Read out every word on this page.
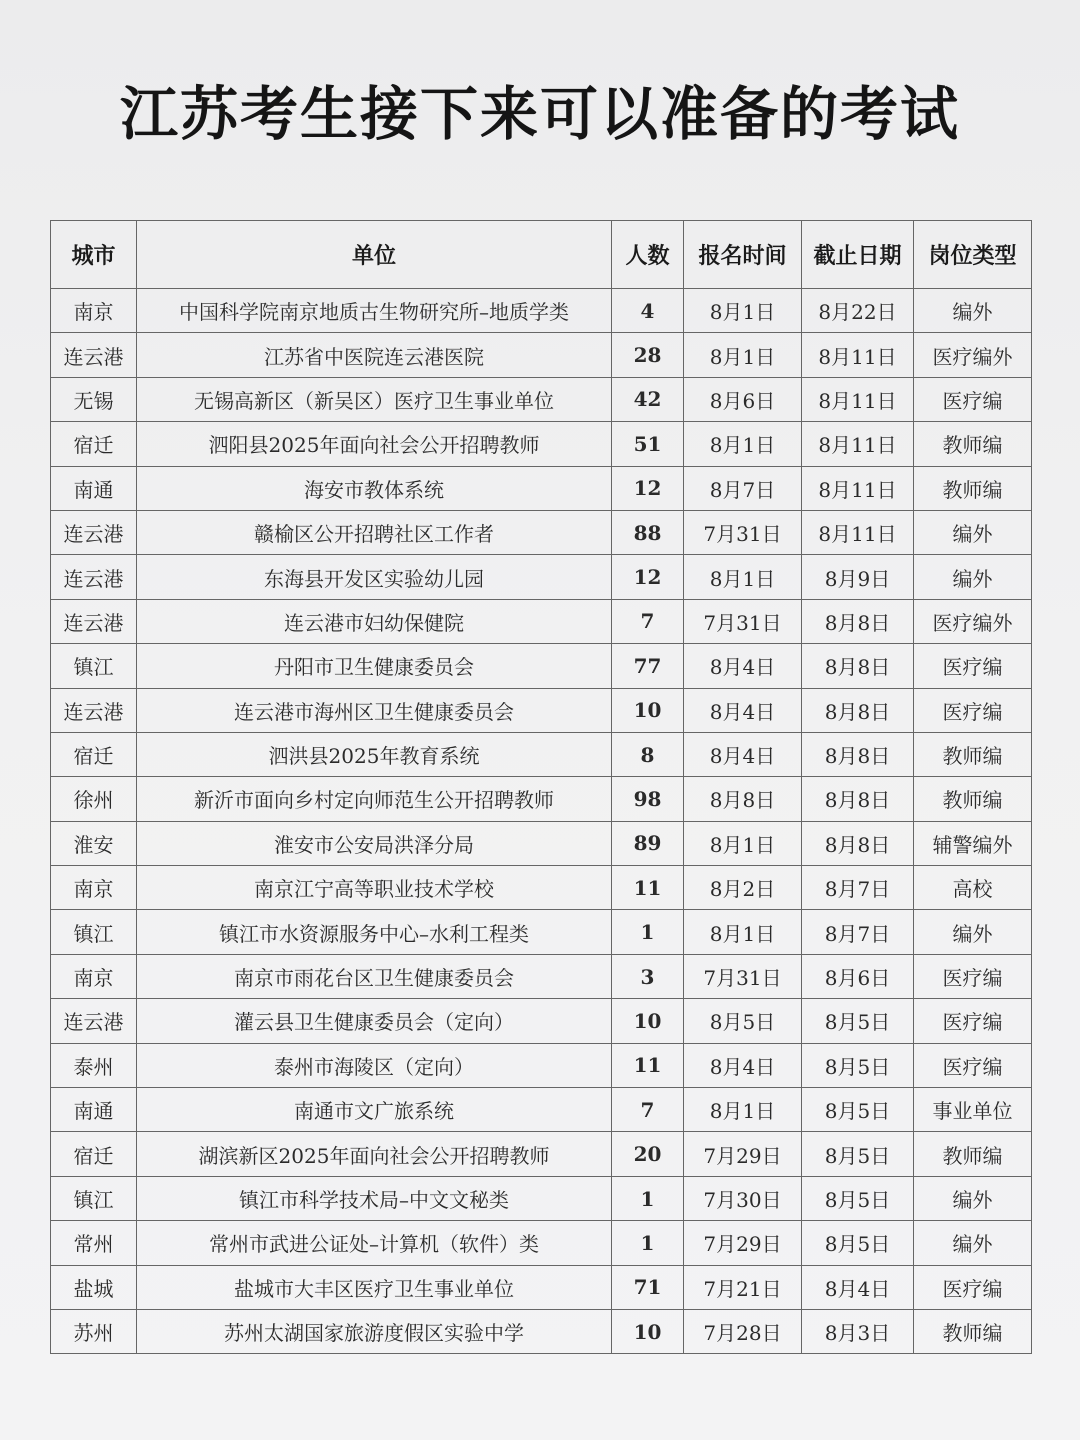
江苏考生接下来可以准备的考试
城市	单位	人数	报名时间	截止日期	岗位类型
南京	中国科学院南京地质古生物研究所–地质学类	4	8月1日	8月22日	编外
连云港	江苏省中医院连云港医院	28	8月1日	8月11日	医疗编外
无锡	无锡高新区（新吴区）医疗卫生事业单位	42	8月6日	8月11日	医疗编
宿迁	泗阳县2025年面向社会公开招聘教师	51	8月1日	8月11日	教师编
南通	海安市教体系统	12	8月7日	8月11日	教师编
连云港	赣榆区公开招聘社区工作者	88	7月31日	8月11日	编外
连云港	东海县开发区实验幼儿园	12	8月1日	8月9日	编外
连云港	连云港市妇幼保健院	7	7月31日	8月8日	医疗编外
镇江	丹阳市卫生健康委员会	77	8月4日	8月8日	医疗编
连云港	连云港市海州区卫生健康委员会	10	8月4日	8月8日	医疗编
宿迁	泗洪县2025年教育系统	8	8月4日	8月8日	教师编
徐州	新沂市面向乡村定向师范生公开招聘教师	98	8月8日	8月8日	教师编
淮安	淮安市公安局洪泽分局	89	8月1日	8月8日	辅警编外
南京	南京江宁高等职业技术学校	11	8月2日	8月7日	高校
镇江	镇江市水资源服务中心–水利工程类	1	8月1日	8月7日	编外
南京	南京市雨花台区卫生健康委员会	3	7月31日	8月6日	医疗编
连云港	灌云县卫生健康委员会（定向）	10	8月5日	8月5日	医疗编
泰州	泰州市海陵区（定向）	11	8月4日	8月5日	医疗编
南通	南通市文广旅系统	7	8月1日	8月5日	事业单位
宿迁	湖滨新区2025年面向社会公开招聘教师	20	7月29日	8月5日	教师编
镇江	镇江市科学技术局–中文文秘类	1	7月30日	8月5日	编外
常州	常州市武进公证处–计算机（软件）类	1	7月29日	8月5日	编外
盐城	盐城市大丰区医疗卫生事业单位	71	7月21日	8月4日	医疗编
苏州	苏州太湖国家旅游度假区实验中学	10	7月28日	8月3日	教师编
